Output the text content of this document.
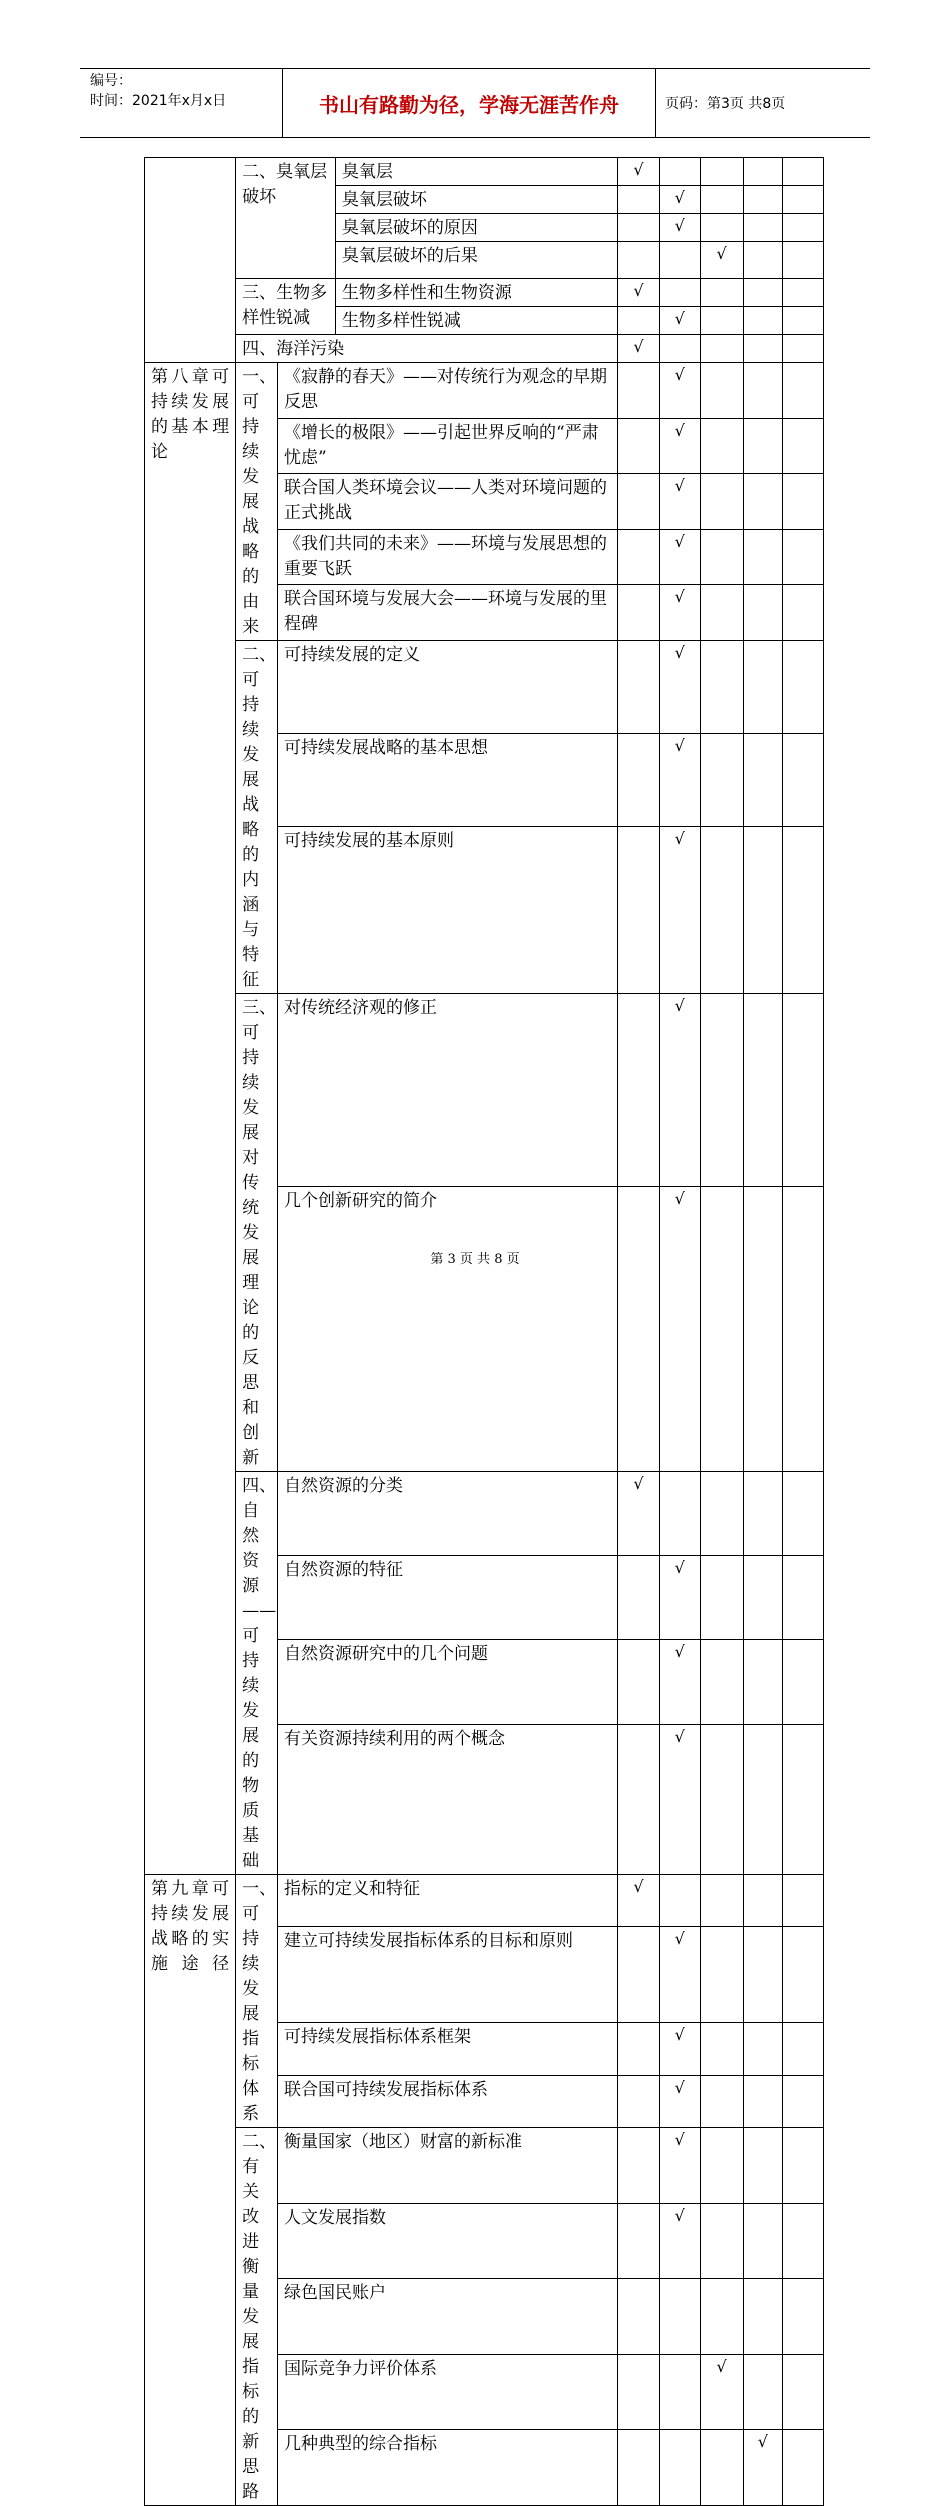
编号：
时间：2021年x月x日	书山有路勤为径，学海无涯苦作舟	页码：第3页 共8页
	二、臭氧层破坏		臭氧层	√				
			臭氧层破坏		√			
			臭氧层破坏的原因		√			
			臭氧层破坏的后果			√		
	三、生物多样性锐减		生物多样性和生物资源	√				
			生物多样性锐减		√			
	四、海洋污染			√				
第八章可持续发展的基本理论	一、可持续发展战略的由来	《寂静的春天》——对传统行为观念的早期反思			√			
		《增长的极限》——引起世界反响的“严肃忧虑”			√			
		联合国人类环境会议——人类对环境问题的正式挑战			√			
		《我们共同的未来》——环境与发展思想的重要飞跃			√			
		联合国环境与发展大会——环境与发展的里程碑			√			
	二、可持续发展战略的内涵与特征	可持续发展的定义			√			
		可持续发展战略的基本思想			√			
		可持续发展的基本原则			√			
	三、可持续发展对传统发展理论的反思和创新	对传统经济观的修正			√			
		几个创新研究的简介			√			
	四、自然资源——可持续发展的物质基础	自然资源的分类		√				
		自然资源的特征			√			
		自然资源研究中的几个问题			√			
		有关资源持续利用的两个概念			√			
第九章可持续发展战略的实施途径	一、可持续发展指标体系	指标的定义和特征		√				
		建立可持续发展指标体系的目标和原则			√			
		可持续发展指标体系框架			√			
		联合国可持续发展指标体系			√			
	二、有关改进衡量发展指标的新思路	衡量国家（地区）财富的新标准			√			
		人文发展指数			√			
		绿色国民账户						
		国际竞争力评价体系				√		
		几种典型的综合指标					√	
第 3 页 共 8 页
